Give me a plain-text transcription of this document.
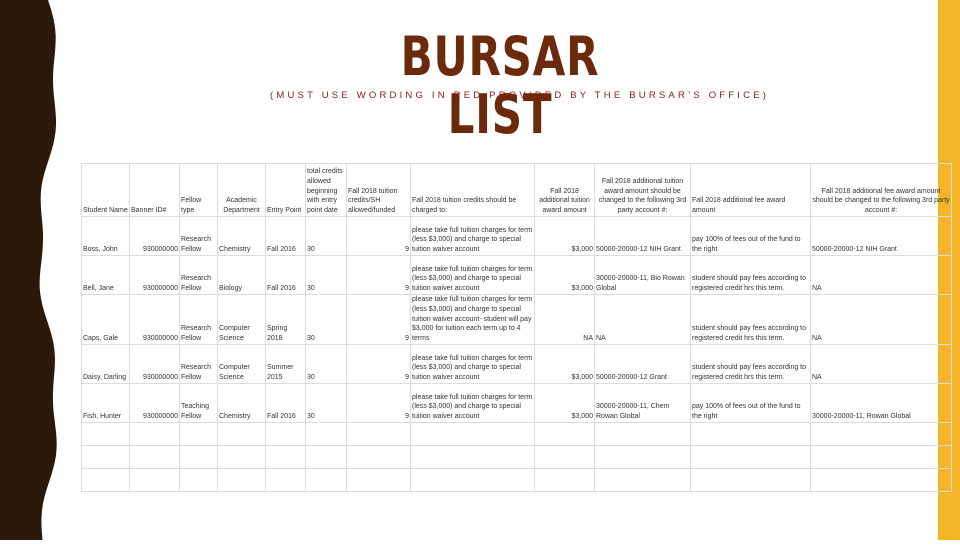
BURSAR LIST
(MUST USE WORDING IN RED PROVIDED BY THE BURSAR’S OFFICE)
Student Name	Banner ID#	Fellow type	Academic Department	Entry Point	total credits allowed beginning with entry point date	Fall 2018 tuition credits/SH allowed/funded	Fall 2018 tuition credits should be charged to:	Fall 2018 additional tuition award amount	Fall 2018 additional tuition award amount should be changed to the following 3rd party account #:	Fall 2018 additional fee award amount	Fall 2018 additional fee award amount should be changed to the following 3rd party account #:
Boss, John	930000000	Research Fellow	Chemistry	Fall 2016	30	9	please take full tuition charges for term (less $3,000) and charge to special tuition waiver account	$3,000	50000-20000-12 NIH Grant	pay 100% of fees out of the fund to the right	50000-20000-12 NIH Grant
Bell, Jane	930000000	Research Fellow	Biology	Fall 2016	30	9	please take full tuition charges for term (less $3,000) and charge to special tuition waiver account	$3,000	30000-20000-11, Bio Rowan Global	student should pay fees according to registered credit hrs this term.	NA
Caps, Gale	930000000	Research Fellow	Computer Science	Spring 2018	30	9	please take full tuition charges for term (less $3,000) and charge to special tuition waiver account- student will pay $3,000 for tuition each term up to 4 terms	NA	NA	student should pay fees according to registered credit hrs this term.	NA
Daisy, Darling	930000000	Research Fellow	Computer Science	Summer 2015	30	9	please take full tuition charges for term (less $3,000) and charge to special tuition waiver account	$3,000	50000-20000-12 Grant	student should pay fees according to registered credit hrs this term.	NA
Fish, Hunter	930000000	Teaching Fellow	Chemistry	Fall 2016	30	9	please take full tuition charges for term (less $3,000) and charge to special tuition waiver account	$3,000	30000-20000-11, Chem Rowan Global	pay 100% of fees out of the fund to the right	30000-20000-11, Rowan Global
